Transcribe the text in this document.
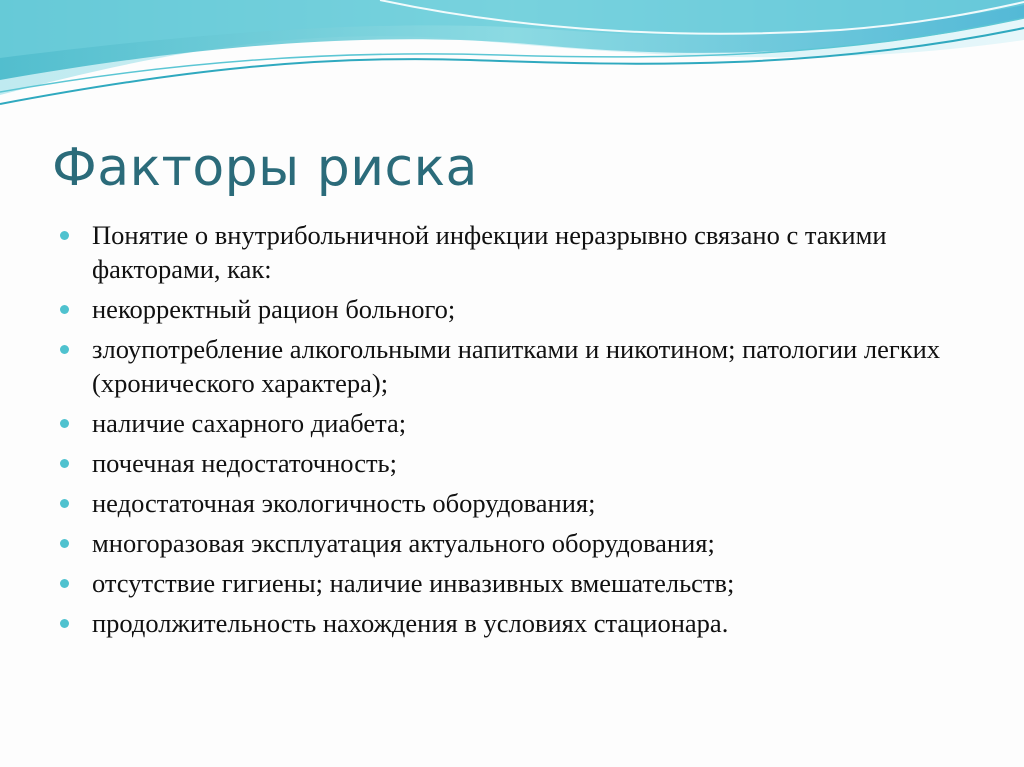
Факторы риска
Понятие о внутрибольничной инфекции неразрывно связано с такими факторами, как:
некорректный рацион больного;
злоупотребление алкогольными напитками и никотином; патологии легких (хронического характера);
наличие сахарного диабета;
почечная недостаточность;
недостаточная экологичность оборудования;
многоразовая эксплуатация актуального оборудования;
отсутствие гигиены; наличие инвазивных вмешательств;
продолжительность нахождения в условиях стационара.
